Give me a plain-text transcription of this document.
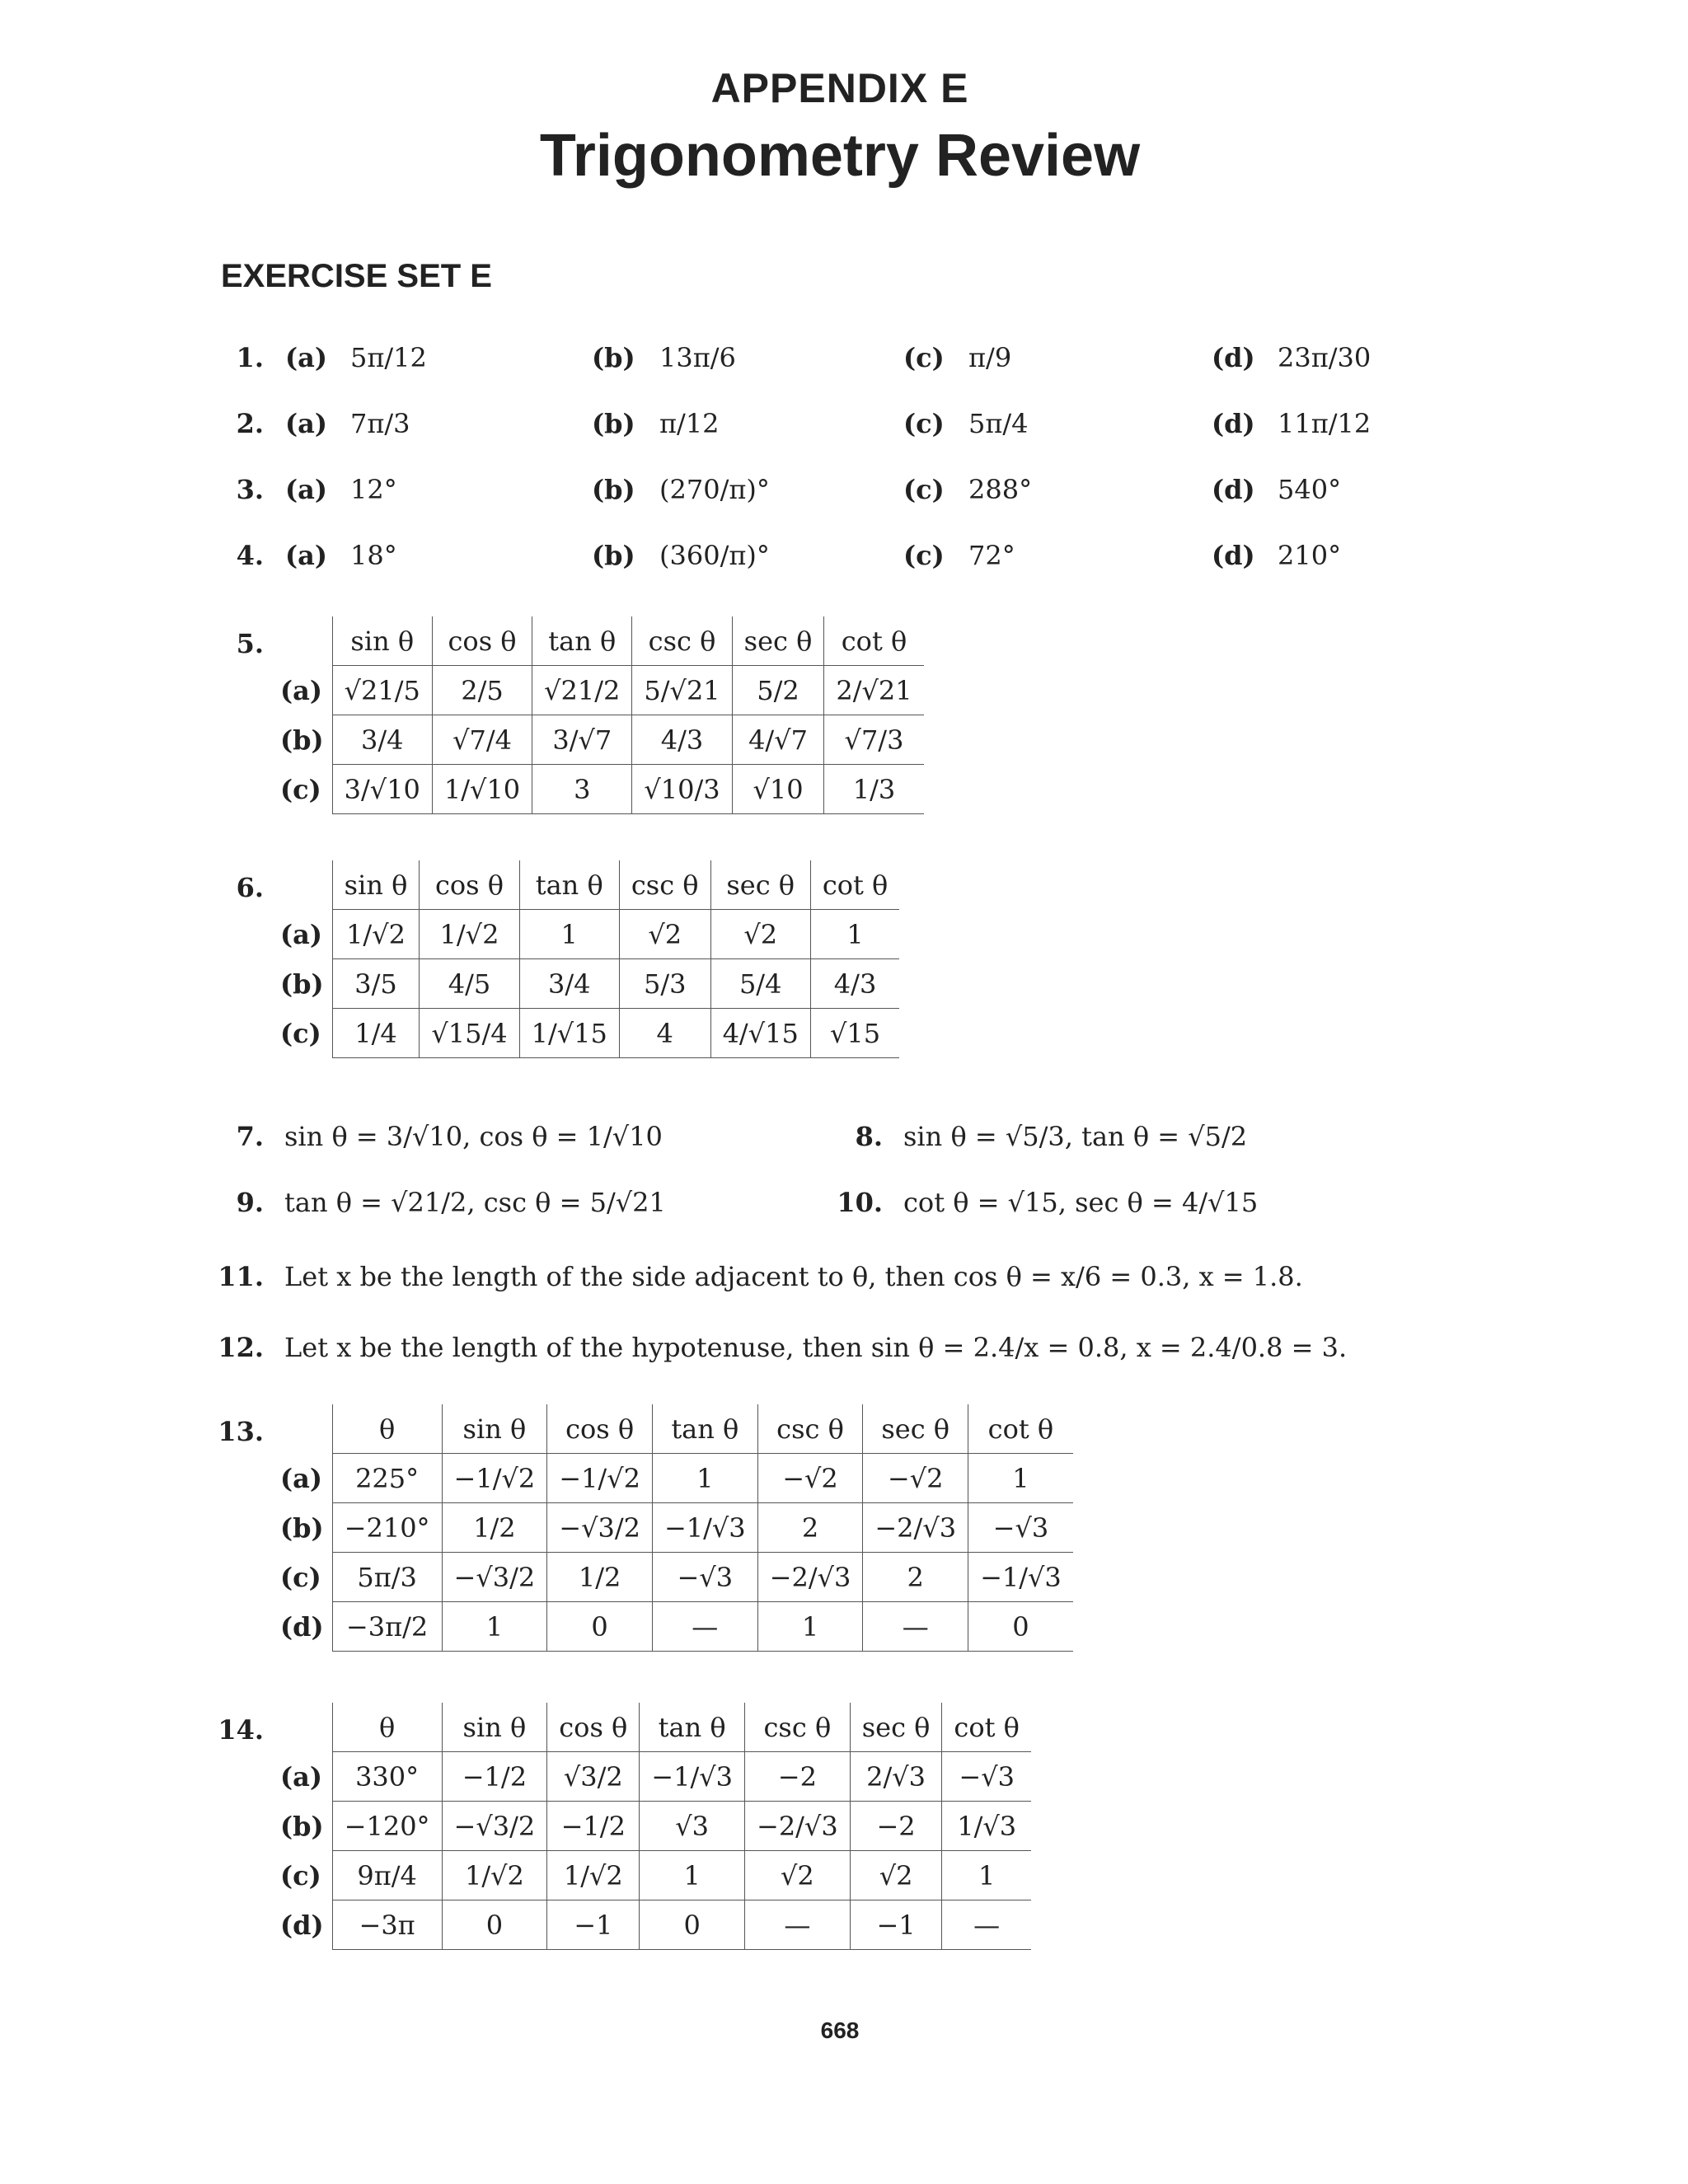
APPENDIX E
Trigonometry Review
EXERCISE SET E
1. (a) 5π/12	(b) 13π/6	(c) π/9	(d) 23π/30
2. (a) 7π/3	(b) π/12	(c) 5π/4	(d) 11π/12
3. (a) 12°	(b) (270/π)°	(c) 288°	(d) 540°
4. (a) 18°	(b) (360/π)°	(c) 72°	(d) 210°
5.
		sin θ	cos θ	tan θ	csc θ	sec θ	cot θ
(a)	√21/5	2/5	√21/2	5/√21	5/2	2/√21
(b)	3/4	√7/4	3/√7	4/3	4/√7	√7/3
(c)	3/√10	1/√10	3	√10/3	√10	1/3
6.
		sin θ	cos θ	tan θ	csc θ	sec θ	cot θ
(a)	1/√2	1/√2	1	√2	√2	1
(b)	3/5	4/5	3/4	5/3	5/4	4/3
(c)	1/4	√15/4	1/√15	4	4/√15	√15
13.
		θ	sin θ	cos θ	tan θ	csc θ	sec θ	cot θ
(a)	225°	−1/√2	−1/√2	1	−√2	−√2	1
(b)	−210°	1/2	−√3/2	−1/√3	2	−2/√3	−√3
(c)	5π/3	−√3/2	1/2	−√3	−2/√3	2	−1/√3
(d)	−3π/2	1	0	—	1	—	0
14.
		θ	sin θ	cos θ	tan θ	csc θ	sec θ	cot θ
(a)	330°	−1/2	√3/2	−1/√3	−2	2/√3	−√3
(b)	−120°	−√3/2	−1/2	√3	−2/√3	−2	1/√3
(c)	9π/4	1/√2	1/√2	1	√2	√2	1
(d)	−3π	0	−1	0	—	−1	—
7. sin θ = 3/√10, cos θ = 1/√10	8. sin θ = √5/3, tan θ = √5/2
9. tan θ = √21/2, csc θ = 5/√21	10. cot θ = √15, sec θ = 4/√15
11. Let x be the length of the side adjacent to θ, then cos θ = x/6 = 0.3, x = 1.8.
12. Let x be the length of the hypotenuse, then sin θ = 2.4/x = 0.8, x = 2.4/0.8 = 3.
668
